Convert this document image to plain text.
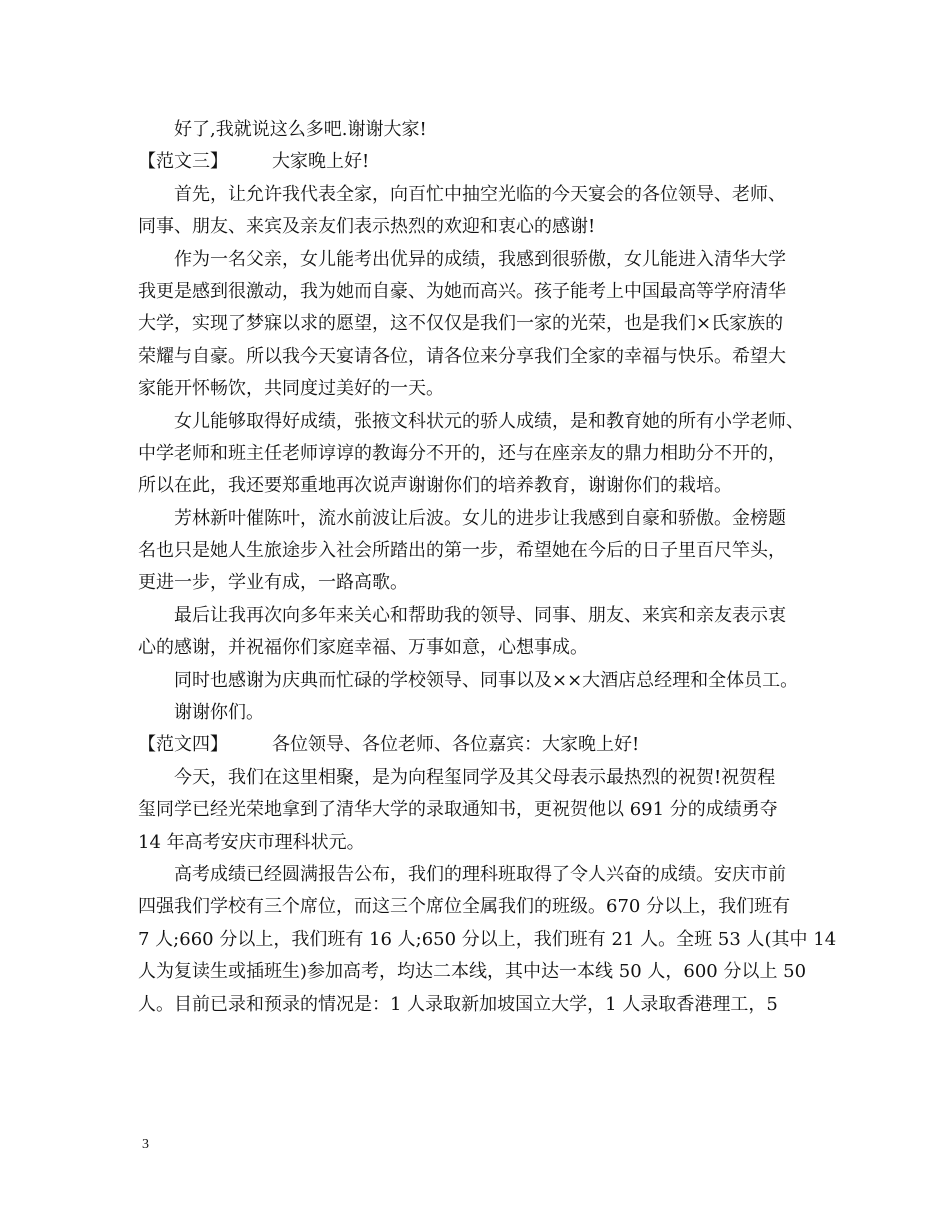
好了,我就说这么多吧.谢谢大家!
【范文三】 大家晚上好!
首先，让允许我代表全家，向百忙中抽空光临的今天宴会的各位领导、老师、
同事、朋友、来宾及亲友们表示热烈的欢迎和衷心的感谢!
作为一名父亲，女儿能考出优异的成绩，我感到很骄傲，女儿能进入清华大学
我更是感到很激动，我为她而自豪、为她而高兴。孩子能考上中国最高等学府清华
大学，实现了梦寐以求的愿望，这不仅仅是我们一家的光荣，也是我们×氏家族的
荣耀与自豪。所以我今天宴请各位，请各位来分享我们全家的幸福与快乐。希望大
家能开怀畅饮，共同度过美好的一天。
女儿能够取得好成绩，张掖文科状元的骄人成绩，是和教育她的所有小学老师、
中学老师和班主任老师谆谆的教诲分不开的，还与在座亲友的鼎力相助分不开的，
所以在此，我还要郑重地再次说声谢谢你们的培养教育，谢谢你们的栽培。
芳林新叶催陈叶，流水前波让后波。女儿的进步让我感到自豪和骄傲。金榜题
名也只是她人生旅途步入社会所踏出的第一步，希望她在今后的日子里百尺竿头，
更进一步，学业有成，一路高歌。
最后让我再次向多年来关心和帮助我的领导、同事、朋友、来宾和亲友表示衷
心的感谢，并祝福你们家庭幸福、万事如意，心想事成。
同时也感谢为庆典而忙碌的学校领导、同事以及××大酒店总经理和全体员工。
谢谢你们。
【范文四】 各位领导、各位老师、各位嘉宾：大家晚上好!
今天，我们在这里相聚，是为向程玺同学及其父母表示最热烈的祝贺!祝贺程
玺同学已经光荣地拿到了清华大学的录取通知书，更祝贺他以 691 分的成绩勇夺
14 年高考安庆市理科状元。
高考成绩已经圆满报告公布，我们的理科班取得了令人兴奋的成绩。安庆市前
四强我们学校有三个席位，而这三个席位全属我们的班级。670 分以上，我们班有
7 人;660 分以上，我们班有 16 人;650 分以上，我们班有 21 人。全班 53 人(其中 14
人为复读生或插班生)参加高考，均达二本线，其中达一本线 50 人，600 分以上 50
人。目前已录和预录的情况是：1 人录取新加坡国立大学，1 人录取香港理工，5
3
